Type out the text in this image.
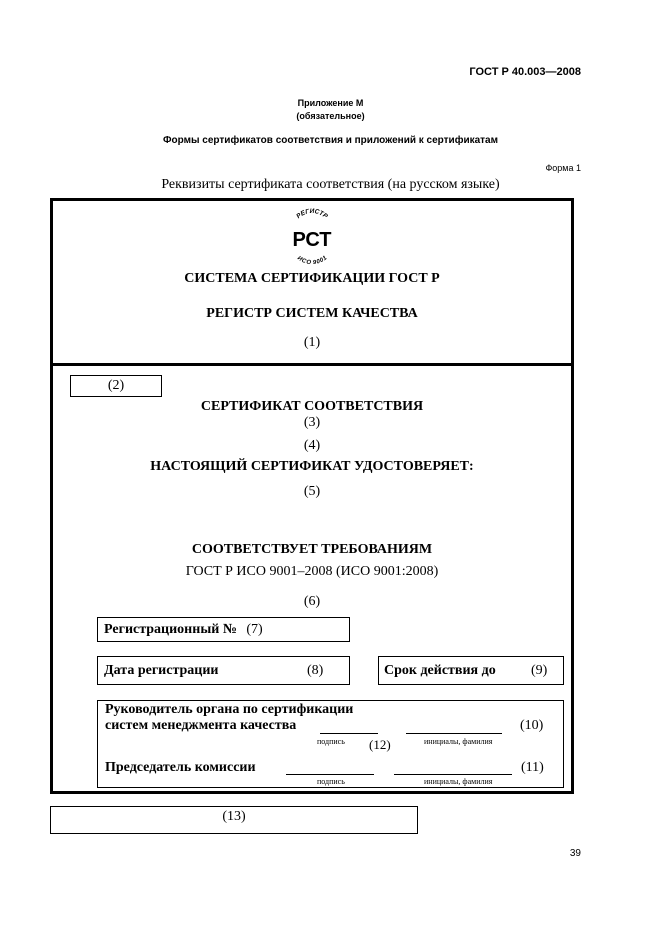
ГОСТ Р 40.003—2008
Приложение М
(обязательное)
Формы сертификатов соответствия и приложений к сертификатам
Форма 1
Реквизиты сертификата соответствия (на русском языке)
РЕГИСТР
ИСО 9001
РСТ
СИСТЕМА СЕРТИФИКАЦИИ ГОСТ Р
РЕГИСТР СИСТЕМ КАЧЕСТВА
(1)
(2)
СЕРТИФИКАТ СООТВЕТСТВИЯ
(3)
(4)
НАСТОЯЩИЙ СЕРТИФИКАТ УДОСТОВЕРЯЕТ:
(5)
СООТВЕТСТВУЕТ ТРЕБОВАНИЯМ
ГОСТ Р ИСО 9001–2008 (ИСО 9001:2008)
(6)
Регистрационный № (7)
Дата регистрации	(8)	Срок действия до	(9)
Руководитель органа по сертификации
систем менеджмента качества	(10)
подпись (12)	инициалы, фамилия
Председатель комиссии	(11)
подпись	инициалы, фамилия
(13)
39
